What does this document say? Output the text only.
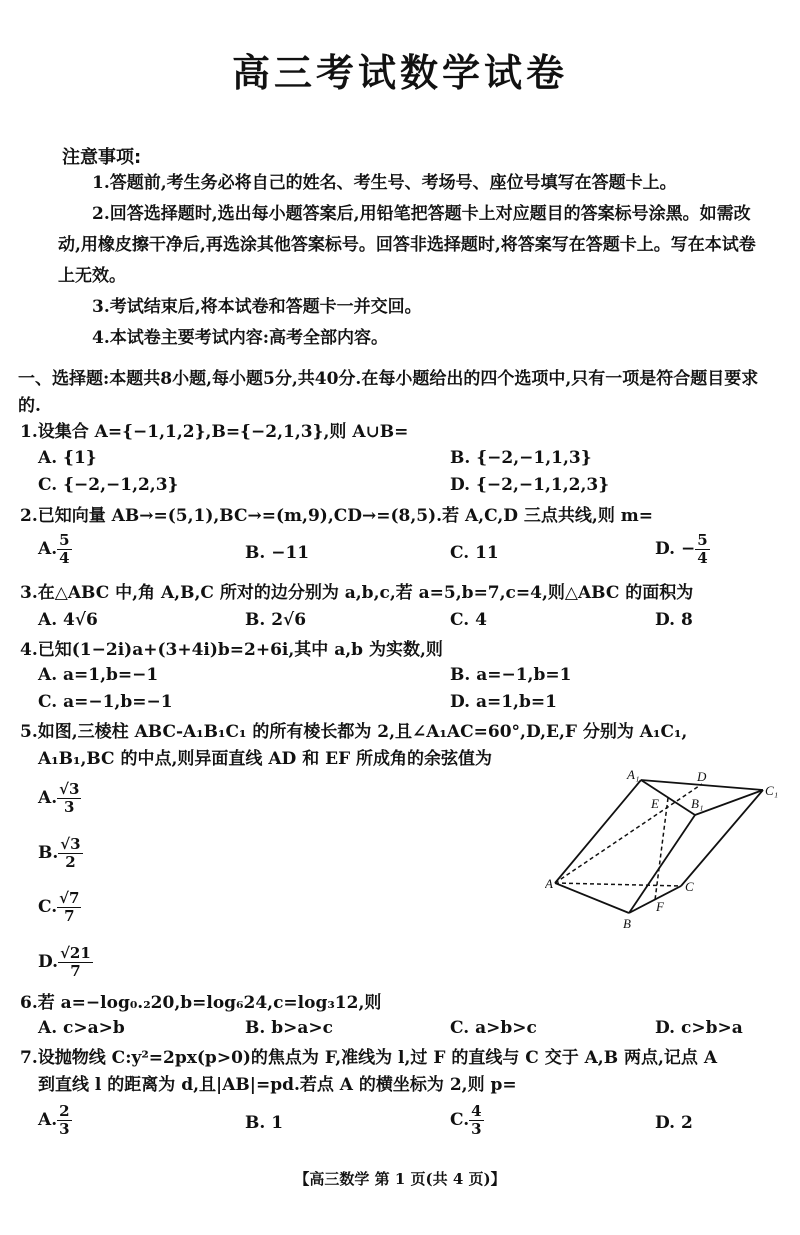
高三考试数学试卷
注意事项:

1.答题前,考生务必将自己的姓名、考生号、考场号、座位号填写在答题卡上。

2.回答选择题时,选出每小题答案后,用铅笔把答题卡上对应题目的答案标号涂黑。如需改动,用橡皮擦干净后,再选涂其他答案标号。回答非选择题时,将答案写在答题卡上。写在本试卷上无效。

3.考试结束后,将本试卷和答题卡一并交回。

4.本试卷主要考试内容:高考全部内容。

一、选择题:本题共8小题,每小题5分,共40分.在每小题给出的四个选项中,只有一项是符合题目要求的.
1.设集合 A={−1,1,2},B={−2,1,3},则 A∪B=
A. {1}	B. {−2,−1,1,3}
C. {−2,−1,2,3}	D. {−2,−1,1,2,3}
2.已知向量 AB→=(5,1),BC→=(m,9),CD→=(8,5).若 A,C,D 三点共线,则 m=
A. $\frac{5}{4}$	B. −11	C. 11	D. − $\frac{5}{4}$
3.在△ABC 中,角 A,B,C 所对的边分别为 a,b,c,若 a=5,b=7,c=4,则△ABC 的面积为
A. 4√6	B. 2√6	C. 4	D. 8
4.已知(1−2i)a+(3+4i)b=2+6i,其中 a,b 为实数,则
A. a=1,b=−1	B. a=−1,b=1
C. a=−1,b=−1	D. a=1,b=1
5.如图,三棱柱 ABC-A₁B₁C₁ 的所有棱长都为 2,且∠A₁AC=60°,D,E,F 分别为 A₁C₁,
A₁B₁,BC 的中点,则异面直线 AD 和 EF 所成角的余弦值为
A. $\frac{√3}{3}$
B. $\frac{√3}{2}$
C. $\frac{√7}{7}$
D. $\frac{√21}{7}$
A₁	D
C₁
E B₁
A	C
F
B
6.若 a=−log₀.₂20,b=log₆24,c=log₃12,则
A. c>a>b	B. b>a>c	C. a>b>c	D. c>b>a
7.设抛物线 C:y²=2px(p>0)的焦点为 F,准线为 l,过 F 的直线与 C 交于 A,B 两点,记点 A
到直线 l 的距离为 d,且|AB|=pd.若点 A 的横坐标为 2,则 p=
A. $\frac{2}{3}$	B. 1	C. $\frac{4}{3}$	D. 2
【高三数学 第 1 页(共 4 页)】
